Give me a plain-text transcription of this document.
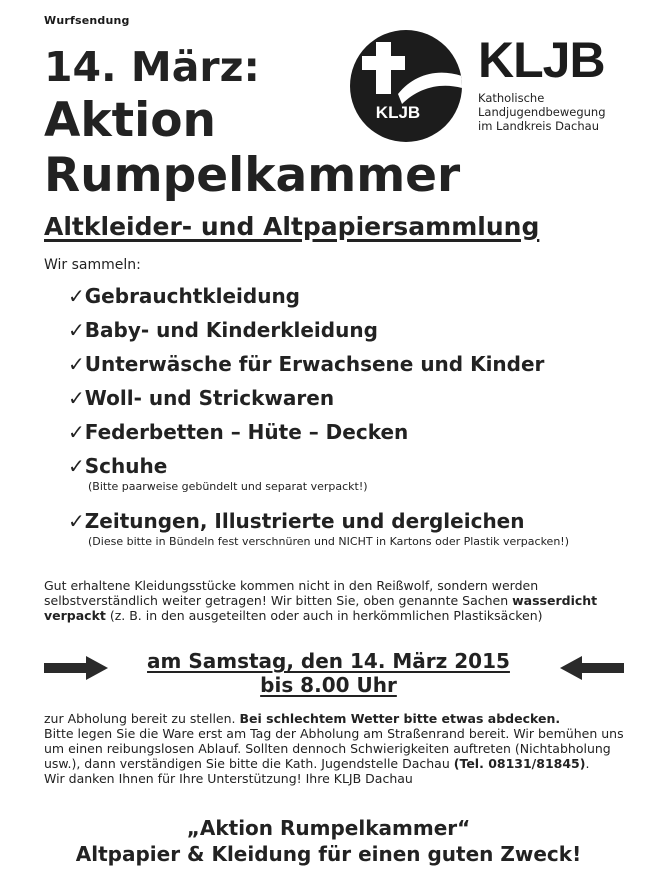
Wurfsendung
14. März:
Aktion
Rumpelkammer
KLJB
KLJB
Katholische
Landjugendbewegung
im Landkreis Dachau
Altkleider- und Altpapiersammlung
Wir sammeln:
✓Gebrauchtkleidung
✓Baby- und Kinderkleidung
✓Unterwäsche für Erwachsene und Kinder
✓Woll- und Strickwaren
✓Federbetten – Hüte – Decken
✓Schuhe
(Bitte paarweise gebündelt und separat verpackt!)
✓Zeitungen, Illustrierte und dergleichen
(Diese bitte in Bündeln fest verschnüren und NICHT in Kartons oder Plastik verpacken!)
Gut erhaltene Kleidungsstücke kommen nicht in den Reißwolf, sondern werden selbstverständlich weiter getragen! Wir bitten Sie, oben genannte Sachen wasserdicht verpackt (z. B. in den ausgeteilten oder auch in herkömmlichen Plastiksäcken)
am Samstag, den 14. März 2015
bis 8.00 Uhr
zur Abholung bereit zu stellen. Bei schlechtem Wetter bitte etwas abdecken.
Bitte legen Sie die Ware erst am Tag der Abholung am Straßenrand bereit. Wir bemühen uns um einen reibungslosen Ablauf. Sollten dennoch Schwierigkeiten auftreten (Nichtabholung usw.), dann verständigen Sie bitte die Kath. Jugendstelle Dachau (Tel. 08131/81845).
Wir danken Ihnen für Ihre Unterstützung! Ihre KLJB Dachau
„Aktion Rumpelkammer“
Altpapier & Kleidung für einen guten Zweck!
